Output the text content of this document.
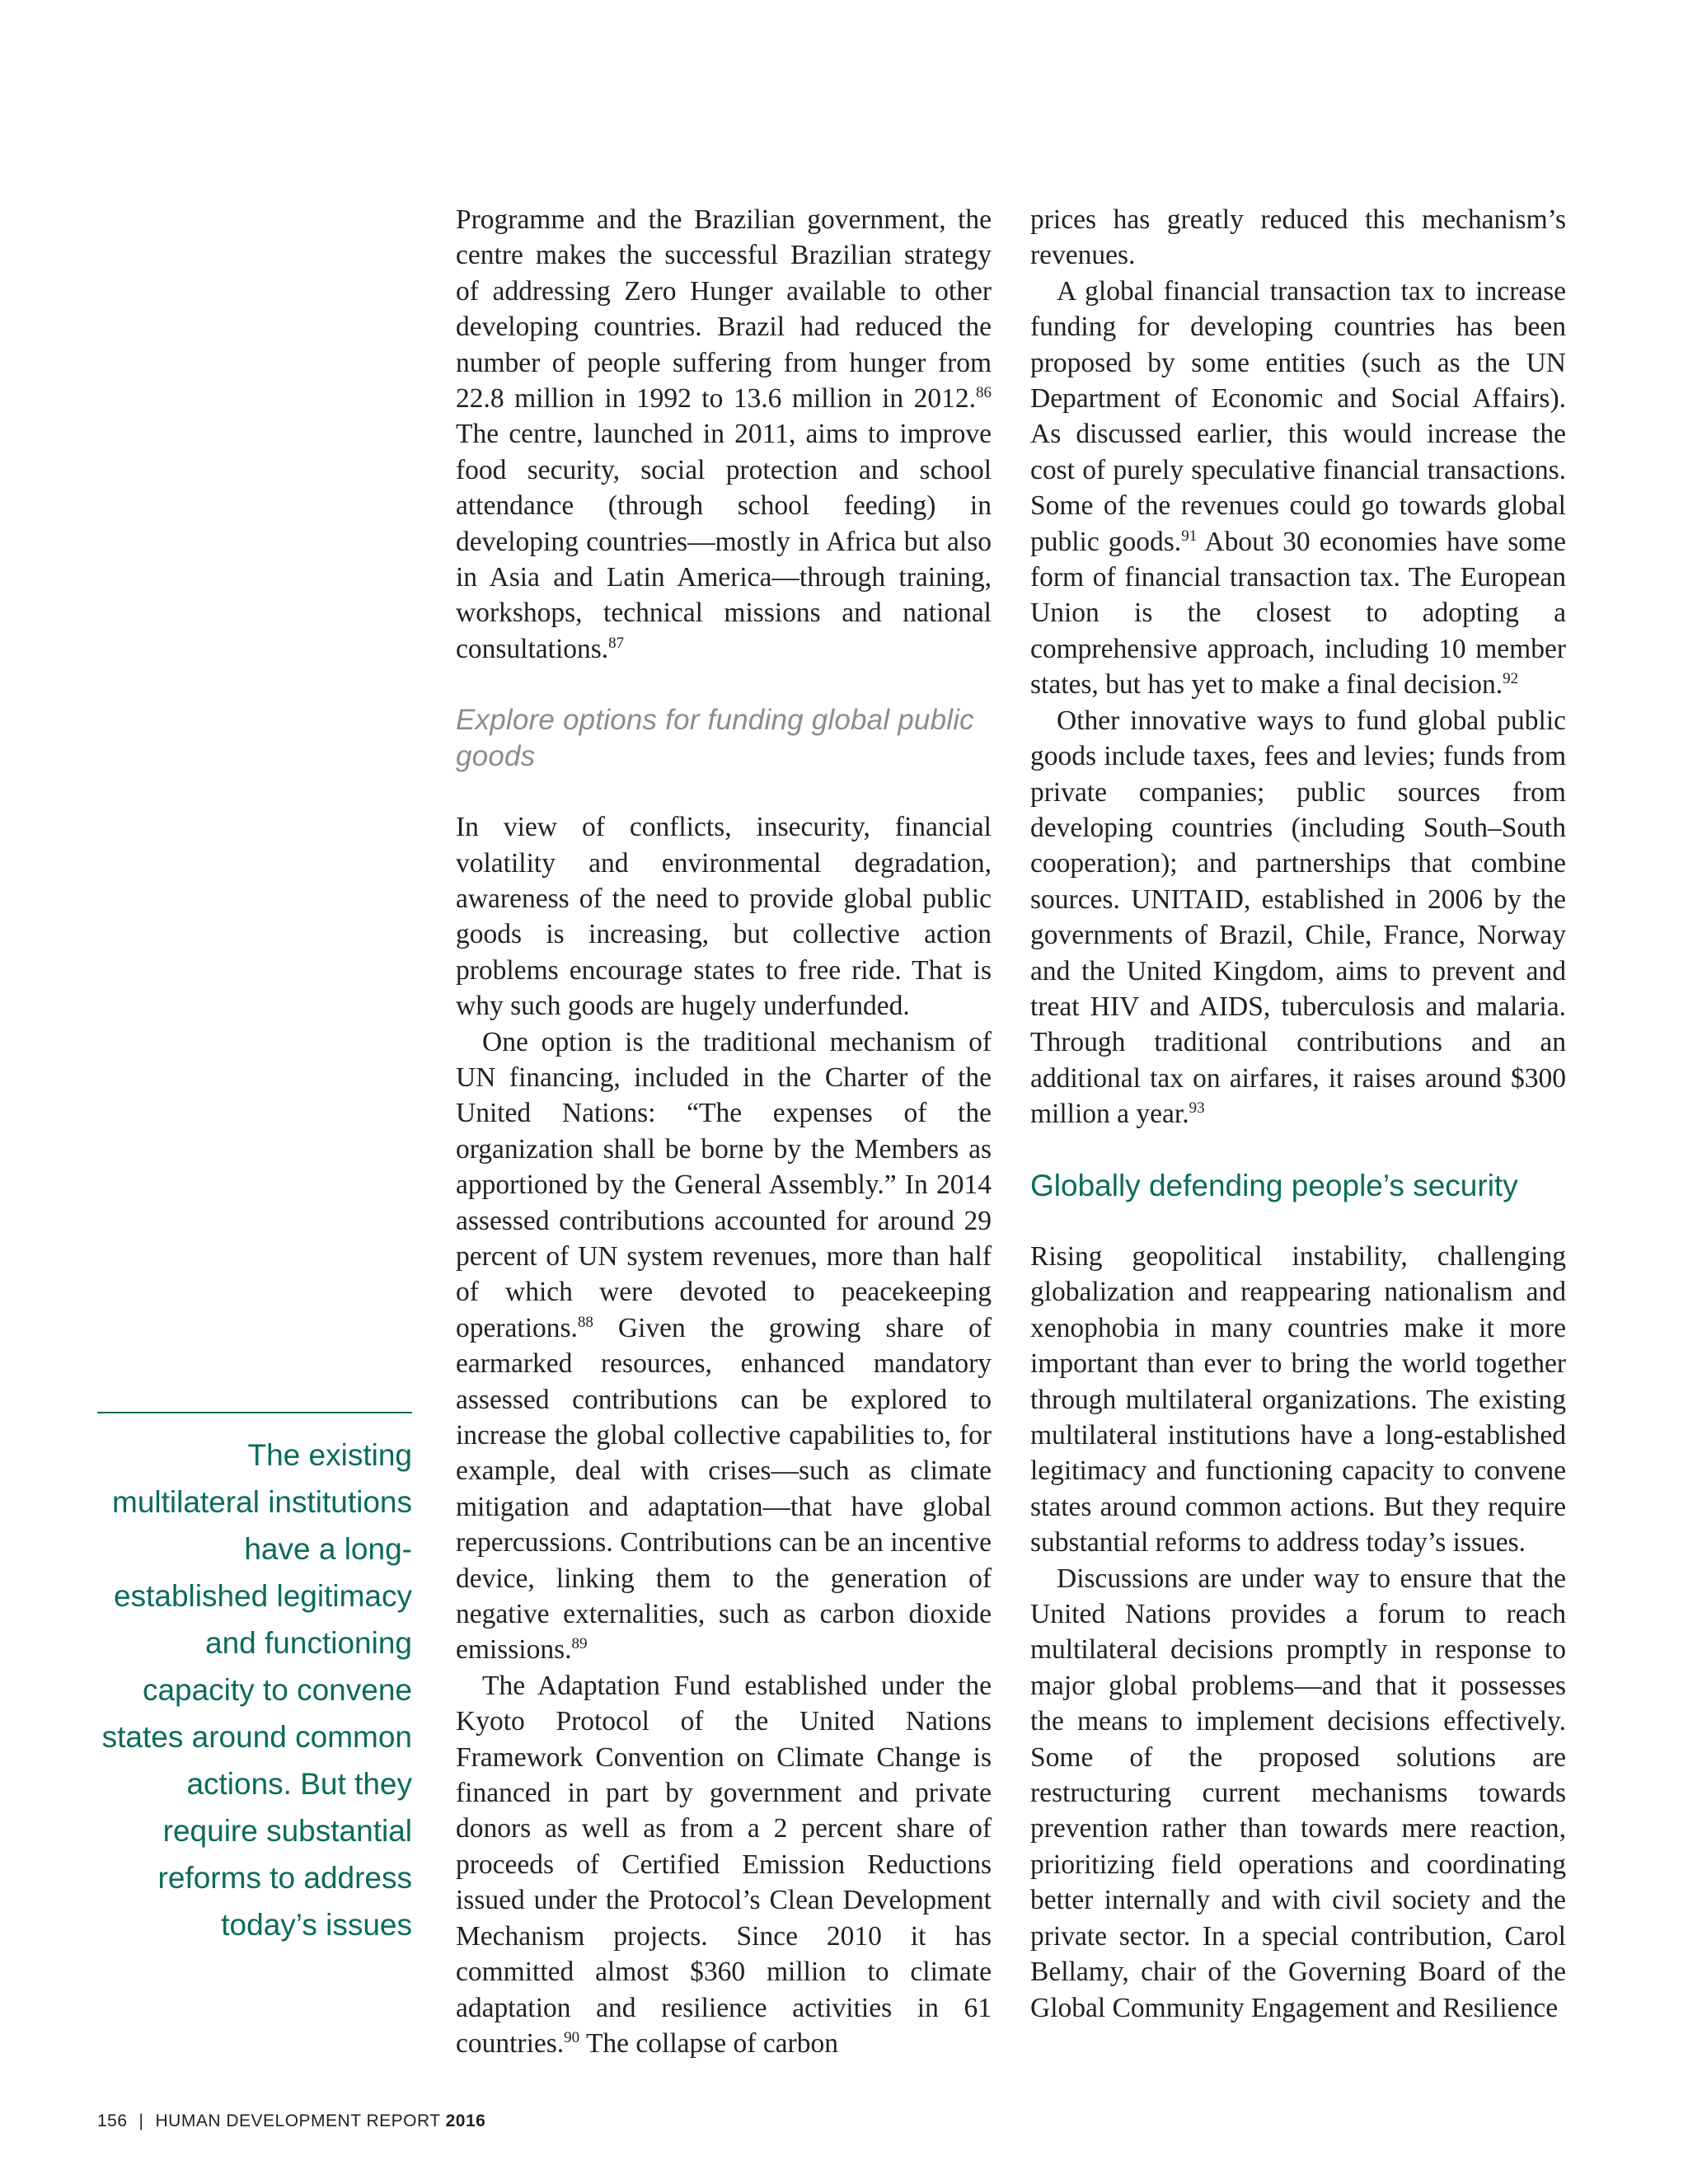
Programme and the Brazilian government, the centre makes the successful Brazilian strategy of addressing Zero Hunger available to other developing countries. Brazil had reduced the number of people suffering from hunger from 22.8 million in 1992 to 13.6 million in 2012.86 The centre, launched in 2011, aims to improve food security, social protection and school attendance (through school feeding) in developing countries—mostly in Africa but also in Asia and Latin America—through training, workshops, technical missions and national consultations.$^{87}$

Explore options for funding global public goods

In view of conflicts, insecurity, financial volatility and environmental degradation, awareness of the need to provide global public goods is increasing, but collective action problems encourage states to free ride. That is why such goods are hugely underfunded.

One option is the traditional mechanism of UN financing, included in the Charter of the United Nations: “The expenses of the organization shall be borne by the Members as apportioned by the General Assembly.” In 2014 assessed contributions accounted for around 29 percent of UN system revenues, more than half of which were devoted to peacekeeping operations.$^{88}$ Given the growing share of earmarked resources, enhanced mandatory assessed contributions can be explored to increase the global collective capabilities to, for example, deal with crises—such as climate mitigation and adaptation—that have global repercussions. Contributions can be an incentive device, linking them to the generation of negative externalities, such as carbon dioxide emissions.$^{89}$

The Adaptation Fund established under the Kyoto Protocol of the United Nations Framework Convention on Climate Change is financed in part by government and private donors as well as from a 2 percent share of proceeds of Certified Emission Reductions issued under the Protocol’s Clean Development Mechanism projects. Since 2010 it has committed almost $360 million to climate adaptation and resilience activities in 61 countries.$^{90}$ The collapse of carbon

prices has greatly reduced this mechanism’s revenues.

A global financial transaction tax to increase funding for developing countries has been proposed by some entities (such as the UN Department of Economic and Social Affairs). As discussed earlier, this would increase the cost of purely speculative financial transactions. Some of the revenues could go towards global public goods.$^{91}$ About 30 economies have some form of financial transaction tax. The European Union is the closest to adopting a comprehensive approach, including 10 member states, but has yet to make a final decision.$^{92}$

Other innovative ways to fund global public goods include taxes, fees and levies; funds from private companies; public sources from developing countries (including South–South cooperation); and partnerships that combine sources. UNITAID, established in 2006 by the governments of Brazil, Chile, France, Norway and the United Kingdom, aims to prevent and treat HIV and AIDS, tuberculosis and malaria. Through traditional contributions and an additional tax on airfares, it raises around $300 million a year.$^{93}$

Globally defending people’s security

Rising geopolitical instability, challenging globalization and reappearing nationalism and xenophobia in many countries make it more important than ever to bring the world together through multilateral organizations. The existing multilateral institutions have a long-established legitimacy and functioning capacity to convene states around common actions. But they require substantial reforms to address today’s issues.

Discussions are under way to ensure that the United Nations provides a forum to reach multilateral decisions promptly in response to major global problems—and that it possesses the means to implement decisions effectively. Some of the proposed solutions are restructuring current mechanisms towards prevention rather than towards mere reaction, prioritizing field operations and coordinating better internally and with civil society and the private sector. In a special contribution, Carol Bellamy, chair of the Governing Board of the Global Community Engagement and Resilience

The existing multilateral institutions have a long-established legitimacy and functioning capacity to convene states around common actions. But they require substantial reforms to address today’s issues
156 | HUMAN DEVELOPMENT REPORT 2016
